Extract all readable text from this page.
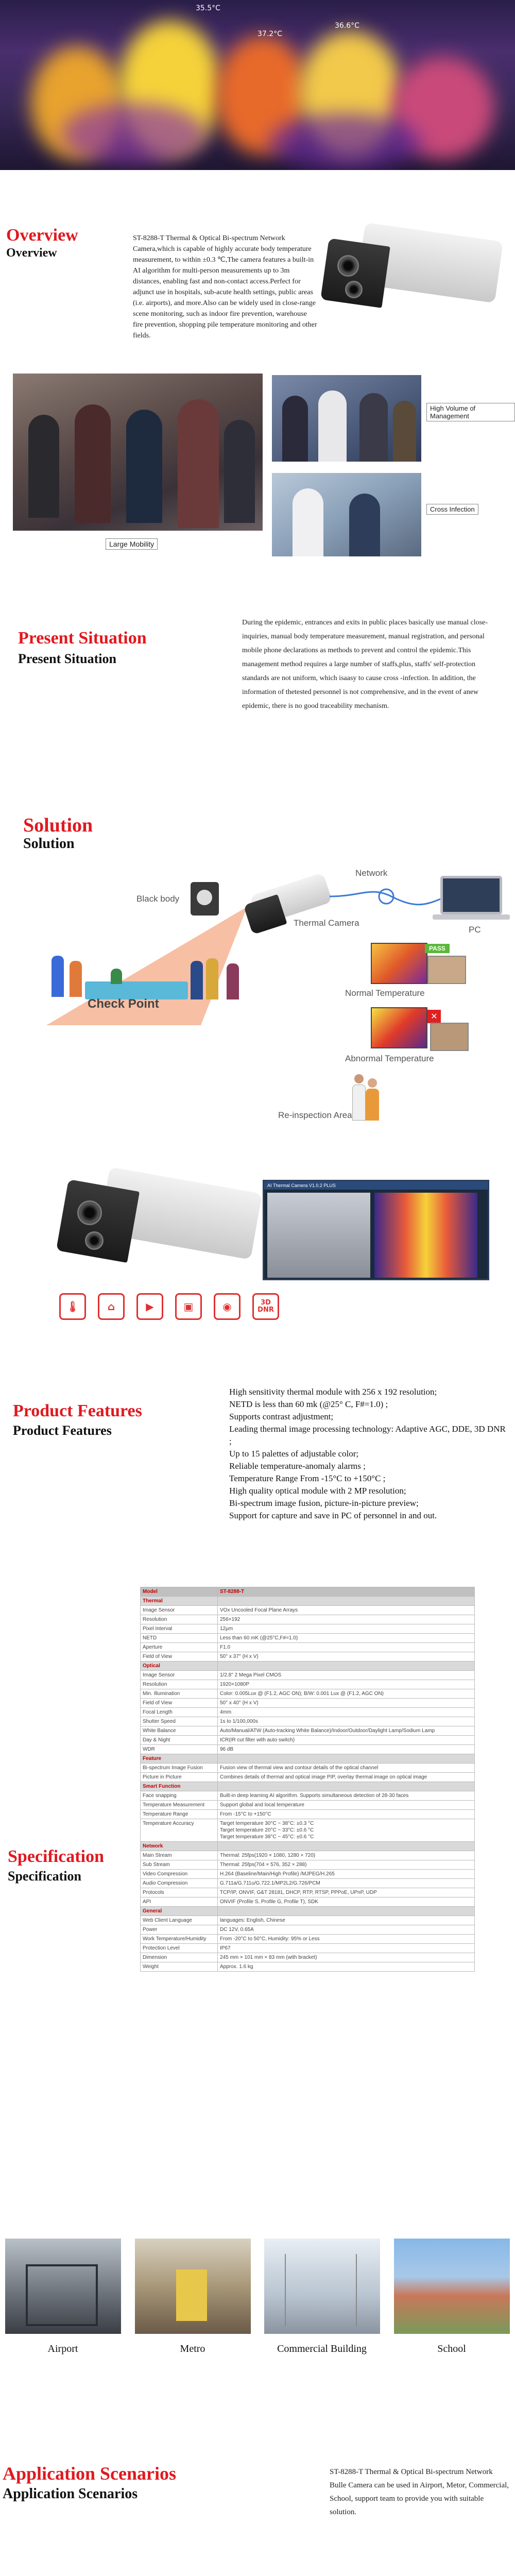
35.5°C
37.2°C
36.6°C
Overview
Overview
ST-8288-T Thermal & Optical Bi-spectrum Network Camera,which is capable of highly accurate body temperature measurement, to within ±0.3 ℃,The camera features a built-in AI algorithm for multi-person measurements up to 3m distances, enabling fast and non-contact access.Perfect for adjunct use in hospitals, sub-acute health settings, public areas (i.e. airports), and more.Also can be widely used in close-range scene monitoring, such as indoor fire prevention, warehouse fire prevention, shopping pile temperature monitoring and other fields.
Large Mobility
High Volume of Management
Cross Infection
Present Situation
Present Situation
During the epidemic, entrances and exits in public places basically use manual close-inquiries, manual body temperature measurement, manual registration, and personal mobile phone declarations as methods to prevent and control the epidemic.This management method requires a large number of staffs,plus, staffs' self-protection standards are not uniform, which isaasy to cause cross -infection. In addition, the information of thetested personnel is not comprehensive, and in the event of anew epidemic, there is no good traceability mechanism.
Solution
Solution
Black body
Thermal Camera
Network
PC
PASS
Normal Temperature
✕
Abnormal Temperature
Re-inspection Area
Check Point
AI Thermal Camera V1.0.2 PLUS
🌡	⌂	▶	▣	◉	3D
DNR
High sensitivity thermal module with 256 x 192 resolution;
NETD is less than 60 mk (@25° C, F#=1.0) ;
Supports contrast adjustment;
Leading thermal image processing technology: Adaptive AGC, DDE, 3D DNR ;
Up to 15 palettes of adjustable color;
Reliable temperature-anomaly alarms ;
Temperature Range From -15°C to +150°C ;
High quality optical module with 2 MP resolution;
Bi-spectrum image fusion, picture-in-picture preview;
Support for capture and save in PC of personnel in and out.
Product Features
Product Features
Specification
Specification
Model	ST-8288-T
Thermal	
Image Sensor	VOx Uncooled Focal Plane Arrays
Resolution	256×192
Pixel Interval	12μm
NETD	Less than 60 mK (@25°C,F#=1.0)
Aperture	F1.0
Field of View	50° x 37° (H x V)
Optical	
Image Sensor	1/2.8" 2 Mega Pixel CMOS
Resolution	1920×1080P
Min. Illumination	Color: 0.005Lux @ (F1.2, AGC ON); B/W: 0.001 Lux @ (F1.2, AGC ON)
Field of View	50° x 40° (H x V)
Focal Length	4mm
Shutter Speed	1s to 1/100,000s
White Balance	Auto/Manual/ATW (Auto-tracking White Balance)/Indoor/Outdoor/Daylight Lamp/Sodium Lamp
Day & Night	ICR(IR cut filter with auto switch)
WDR	96 dB
Feature	
Bi-spectrum Image Fusion	Fusion view of thermal view and contour details of the optical channel
Picture in Picture	Combines details of thermal and optical image PIP, overlay thermal image on optical image
Smart Function	
Face snapping	Built-in deep learning AI algorithm. Supports simultaneous detection of 28-30 faces
Temperature Measurement	Support global and local temperature
Temperature Range	From -15°C to +150°C
Temperature Accuracy	Target temperature 30°C ~ 38°C: ±0.3 °C
Target temperature 20°C ~ 33°C: ±0.6 °C
Target temperature 38°C ~ 45°C: ±0.6 °C
Network	
Main Stream	Thermal: 25fps(1920 × 1080, 1280 × 720)
Sub Stream	Thermal: 25fps(704 × 576, 352 × 288)
Video Compression	H.264 (Baseline/Main/High Profile) /MJPEG/H.265
Audio Compression	G.711a/G.711u/G.722.1/MP2L2/G.726/PCM
Protocols	TCP/IP, ONVIF, G&T 28181, DHCP, RTP, RTSP, PPPoE, UPnP, UDP
API	ONVIF (Profile S, Profile G, Profile T), SDK
General	
Web Client Language	languages: English, Chinese
Power	DC 12V, 0.65A
Work Temperature/Humidity	From -20°C to 50°C, Humidity: 95% or Less
Protection Level	IP67
Dimension	245 mm × 101 mm × 83 mm (with bracket)
Weight	Approx. 1.6 kg
Airport	Metro	Commercial Building	School
Application Scenarios
Application Scenarios
ST-8288-T Thermal & Optical Bi-spectrum Network Bulle Camera can be used in Airport, Metor, Commercial, School, support team to provide you with suitable solution.
